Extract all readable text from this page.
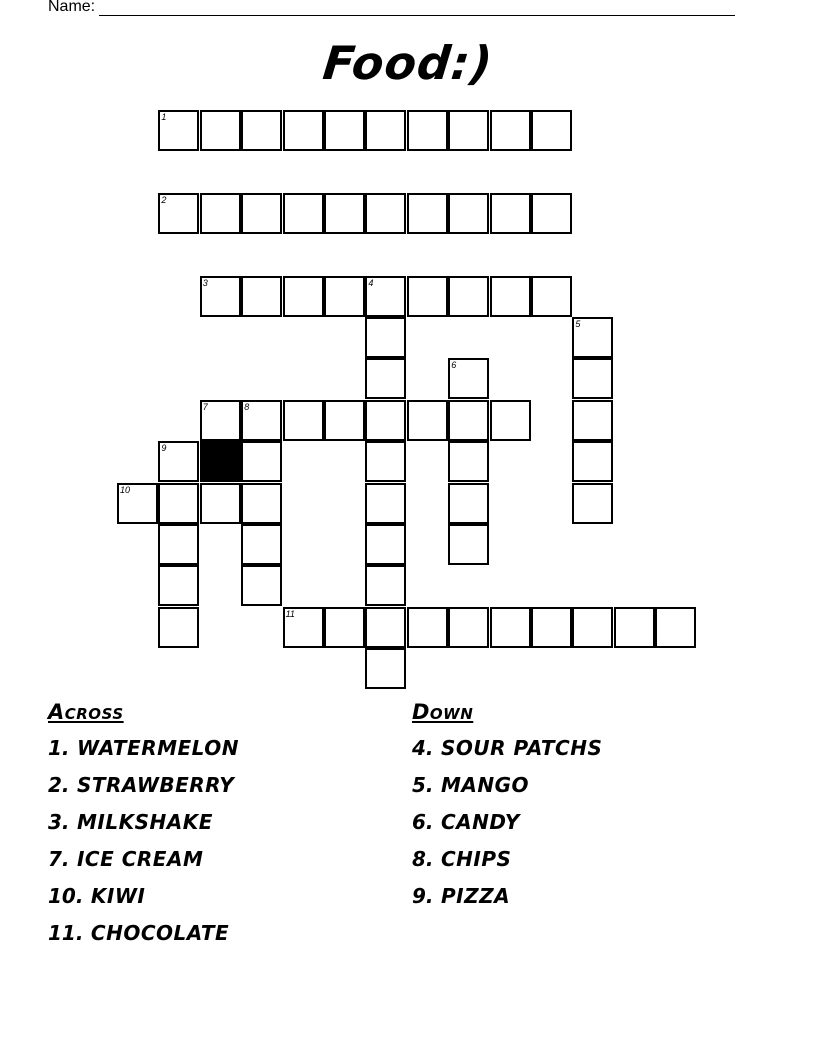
Name:
Food:)
1
2
3	4
5
6
7	8
9
10
11
Across
1. WATERMELON
2. STRAWBERRY
3. MILKSHAKE
7. ICE CREAM
10. KIWI
11. CHOCOLATE
Down
4. SOUR PATCHS
5. MANGO
6. CANDY
8. CHIPS
9. PIZZA
